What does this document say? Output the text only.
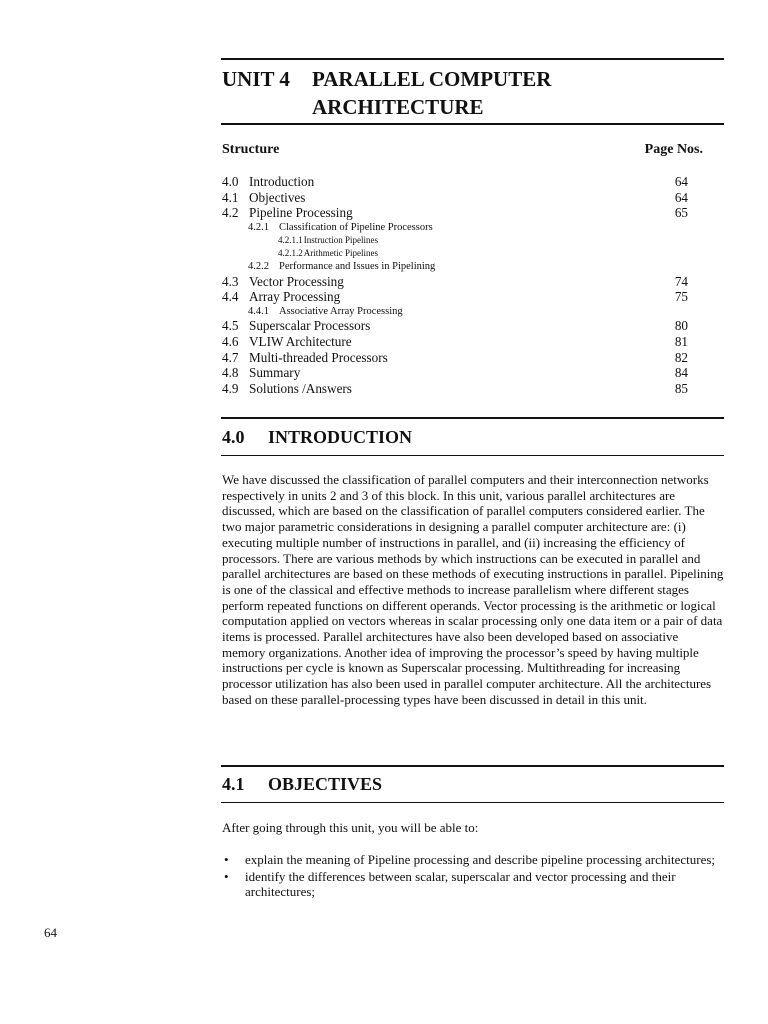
UNIT 4 PARALLEL COMPUTER
ARCHITECTURE
Structure	Page Nos.
4.0 Introduction	64
4.1 Objectives	64
4.2 Pipeline Processing	65
4.2.1 Classification of Pipeline Processors
4.2.1.1Instruction Pipelines
4.2.1.2Arithmetic Pipelines
4.2.2 Performance and Issues in Pipelining
4.3 Vector Processing	74
4.4 Array Processing	75
4.4.1 Associative Array Processing
4.5 Superscalar Processors	80
4.6 VLIW Architecture	81
4.7 Multi-threaded Processors	82
4.8 Summary	84
4.9 Solutions /Answers	85
4.0 INTRODUCTION

We have discussed the classification of parallel computers and their interconnection networks respectively in units 2 and 3 of this block. In this unit, various parallel architectures are discussed, which are based on the classification of parallel computers considered earlier. The two major parametric considerations in designing a parallel computer architecture are: (i) executing multiple number of instructions in parallel, and (ii) increasing the efficiency of processors. There are various methods by which instructions can be executed in parallel and parallel architectures are based on these methods of executing instructions in parallel. Pipelining is one of the classical and effective methods to increase parallelism where different stages perform repeated functions on different operands. Vector processing is the arithmetic or logical computation applied on vectors whereas in scalar processing only one data item or a pair of data items is processed. Parallel architectures have also been developed based on associative memory organizations. Another idea of improving the processor’s speed by having multiple instructions per cycle is known as Superscalar processing. Multithreading for increasing processor utilization has also been used in parallel computer architecture. All the architectures based on these parallel-processing types have been discussed in detail in this unit.

4.1 OBJECTIVES

After going through this unit, you will be able to:

• explain the meaning of Pipeline processing and describe pipeline processing architectures;
• identify the differences between scalar, superscalar and vector processing and their architectures;
64
